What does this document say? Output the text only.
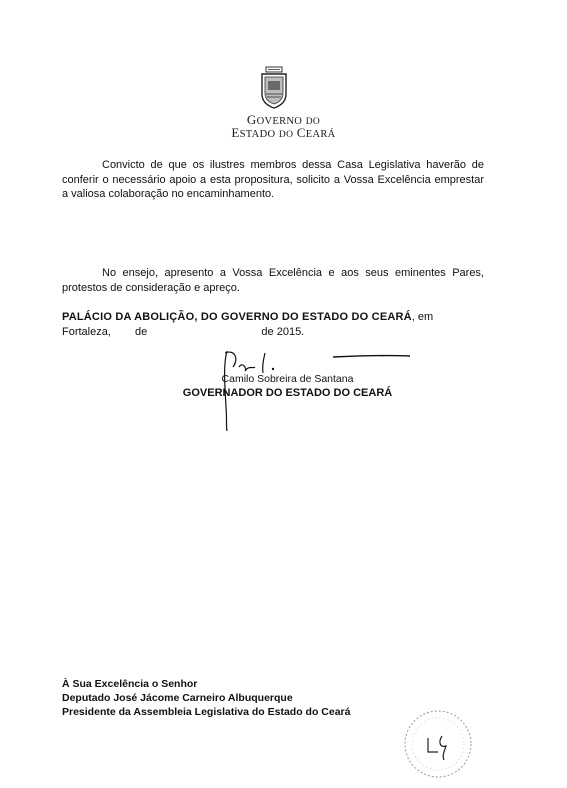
GOVERNO DO
ESTADO DO CEARÁ
Convicto de que os ilustres membros dessa Casa Legislativa haverão de conferir o necessário apoio a esta propositura, solicito a Vossa Excelência emprestar a valiosa colaboração no encaminhamento.
No ensejo, apresento a Vossa Excelência e aos seus eminentes Pares, protestos de consideração e apreço.
PALÁCIO DA ABOLIÇÃO, DO GOVERNO DO ESTADO DO CEARÁ, em
Fortaleza, de	de 2015.
Camilo Sobreira de Santana
GOVERNADOR DO ESTADO DO CEARÁ
À Sua Excelência o Senhor
Deputado José Jácome Carneiro Albuquerque
Presidente da Assembleia Legislativa do Estado do Ceará
